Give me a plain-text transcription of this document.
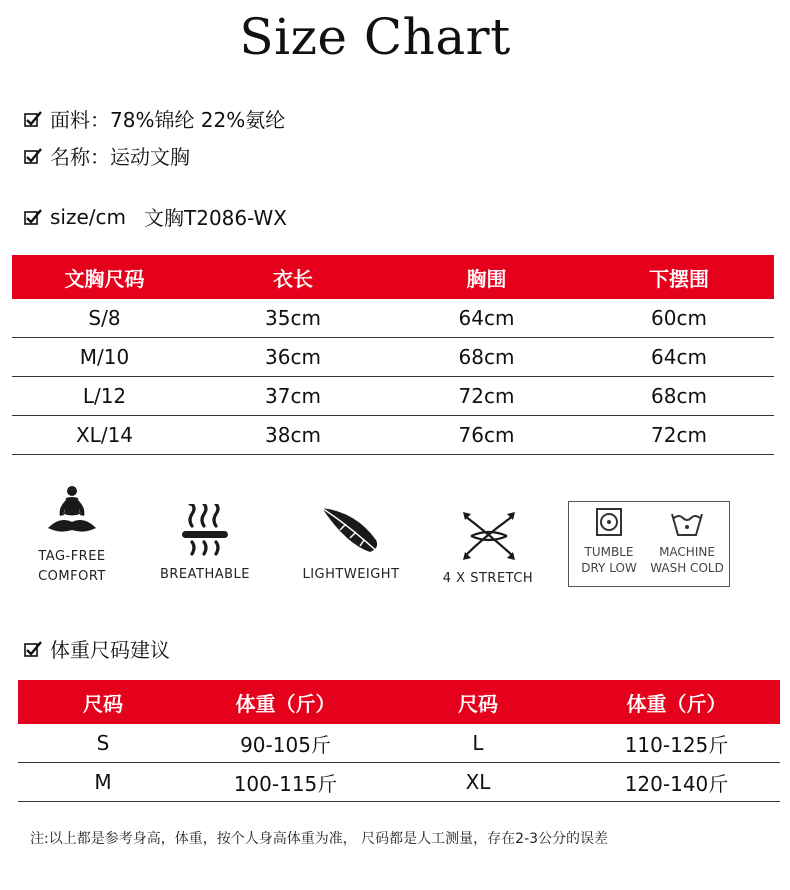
Size Chart
面料：78%锦纶 22%氨纶
名称：运动文胸
size/cm 文胸T2086-WX
文胸尺码	衣长	胸围	下摆围
S/8	35cm	64cm	60cm
M/10	36cm	68cm	64cm
L/12	37cm	72cm	68cm
XL/14	38cm	76cm	72cm
TAG-FREE
COMFORT	BREATHABLE	LIGHTWEIGHT	4 X STRETCH
TUMBLE
DRY LOW
MACHINE
WASH COLD
体重尺码建议
尺码	体重（斤）	尺码	体重（斤）
S	90-105斤	L	110-125斤
M	100-115斤	XL	120-140斤
注:以上都是参考身高，体重，按个人身高体重为准， 尺码都是人工测量，存在2-3公分的误差
